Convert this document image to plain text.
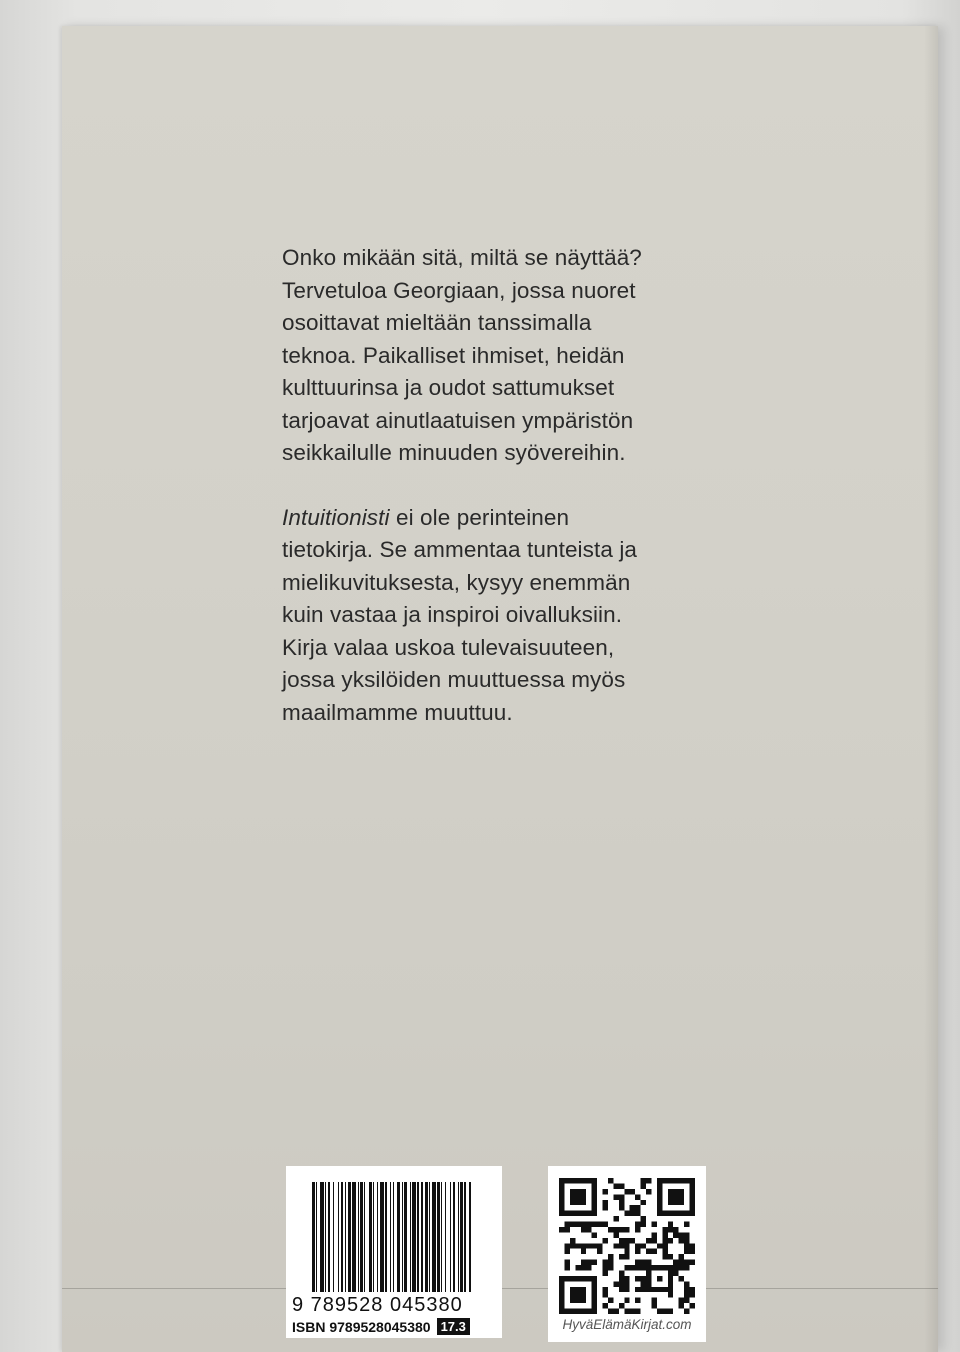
Onko mikään sitä, miltä se näyttää?
Tervetuloa Georgiaan, jossa nuoret
osoittavat mieltään tanssimalla
teknoa. Paikalliset ihmiset, heidän
kulttuurinsa ja oudot sattumukset
tarjoavat ainutlaatuisen ympäristön
seikkailulle minuuden syövereihin.
Intuitionisti ei ole perinteinen
tietokirja. Se ammentaa tunteista ja
mielikuvituksesta, kysyy enemmän
kuin vastaa ja inspiroi oivalluksiin.
Kirja valaa uskoa tulevaisuuteen,
jossa yksilöiden muuttuessa myös
maailmamme muuttuu.
9 789528 045380
ISBN 9789528045380 17.3	HyväElämäKirjat.com
